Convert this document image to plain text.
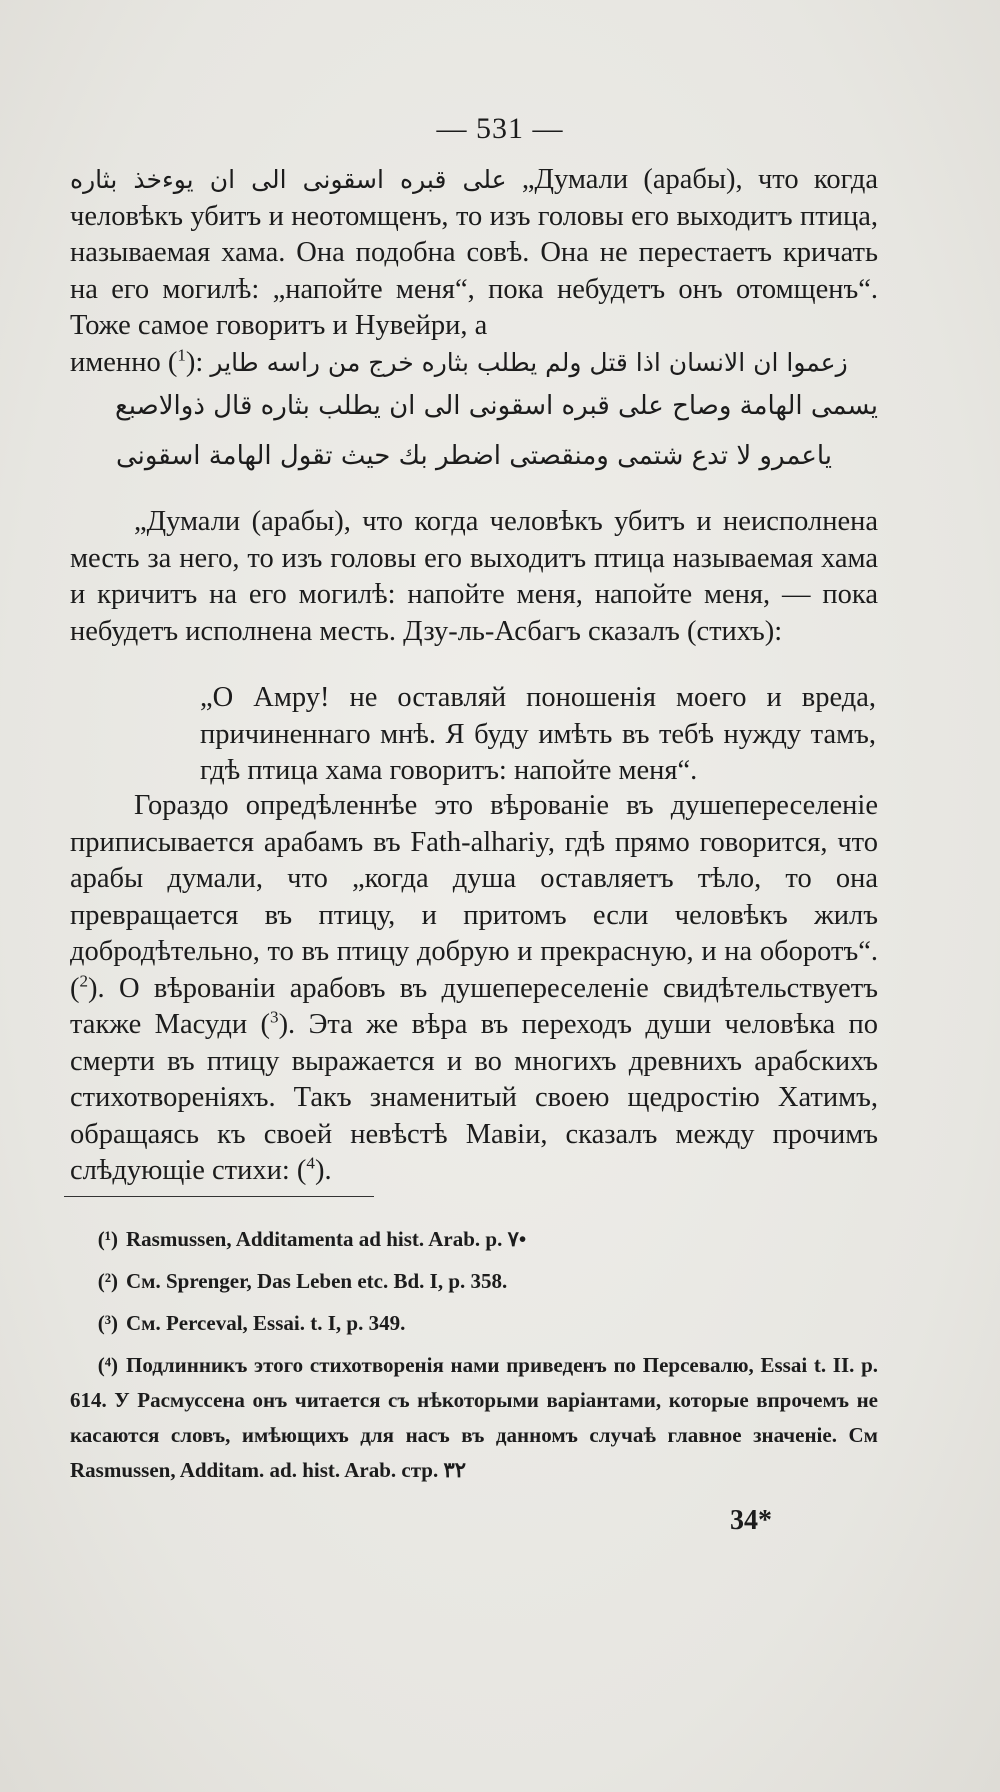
— 531 —

على قبره اسقونى الى ان يوءخذ بثاره „Думали (арабы), что когда человѣкъ убитъ и неотомщенъ, то изъ головы его выходитъ птица, называемая хама. Она подобна совѣ. Она не перестаетъ кричать на его могилѣ: „напойте меня“, пока небудетъ онъ отомщенъ“. Тоже самое говоритъ и Нувейри, а

именно ($^1$): زعموا ان الانسان اذا قتل ولم يطلب بثاره خرج من راسه طاير

يسمى الهامة وصاح على قبره اسقونى الى ان يطلب بثاره قال ذوالاصبع

ياعمرو لا تدع شتمى ومنقصتى اضطر بك حيث تقول الهامة اسقونى

„Думали (арабы), что когда человѣкъ убитъ и неисполнена месть за него, то изъ головы его выходитъ птица называемая хама и кричитъ на его могилѣ: напойте меня, напойте меня, — пока небудетъ исполнена месть. Дзу-ль-Асбагъ сказалъ (стихъ):

„О Амру! не оставляй поношенія моего и вреда, причиненнаго мнѣ. Я буду имѣть въ тебѣ нужду тамъ, гдѣ птица хама говоритъ: напойте меня“.

Гораздо опредѣленнѣе это вѣрованіе въ душепереселеніе приписывается арабамъ въ Fath-alhariy, гдѣ прямо говорится, что арабы думали, что „когда душа оставляетъ тѣло, то она превращается въ птицу, и притомъ если человѣкъ жилъ добродѣтельно, то въ птицу добрую и прекрасную, и на оборотъ“. ($^2$). О вѣрованіи арабовъ въ душепереселеніе свидѣтельствуетъ также Масуди ($^3$). Эта же вѣра въ переходъ души человѣка по смерти въ птицу выражается и во многихъ древнихъ арабскихъ стихотвореніяхъ. Такъ знаменитый своею щедростію Хатимъ, обращаясь къ своей невѣстѣ Мавіи, сказалъ между прочимъ слѣдующіе стихи: ($^4$).

(¹) Rasmussen, Additamenta ad hist. Arab. p. ٧•
(²) См. Sprenger, Das Leben etc. Bd. I, p. 358.
(³) См. Perceval, Essai. t. I, p. 349.
(⁴) Подлинникъ этого стихотворенія нами приведенъ по Перcевалю, Essai t. II. p. 614. У Расмуссена онъ читается съ нѣкоторыми варіантами, которые впрочемъ не касаются словъ, имѣющихъ для насъ въ данномъ случаѣ главное значеніе. См Rasmussen, Additam. ad. hist. Arab. стр. ٣٢
34*
